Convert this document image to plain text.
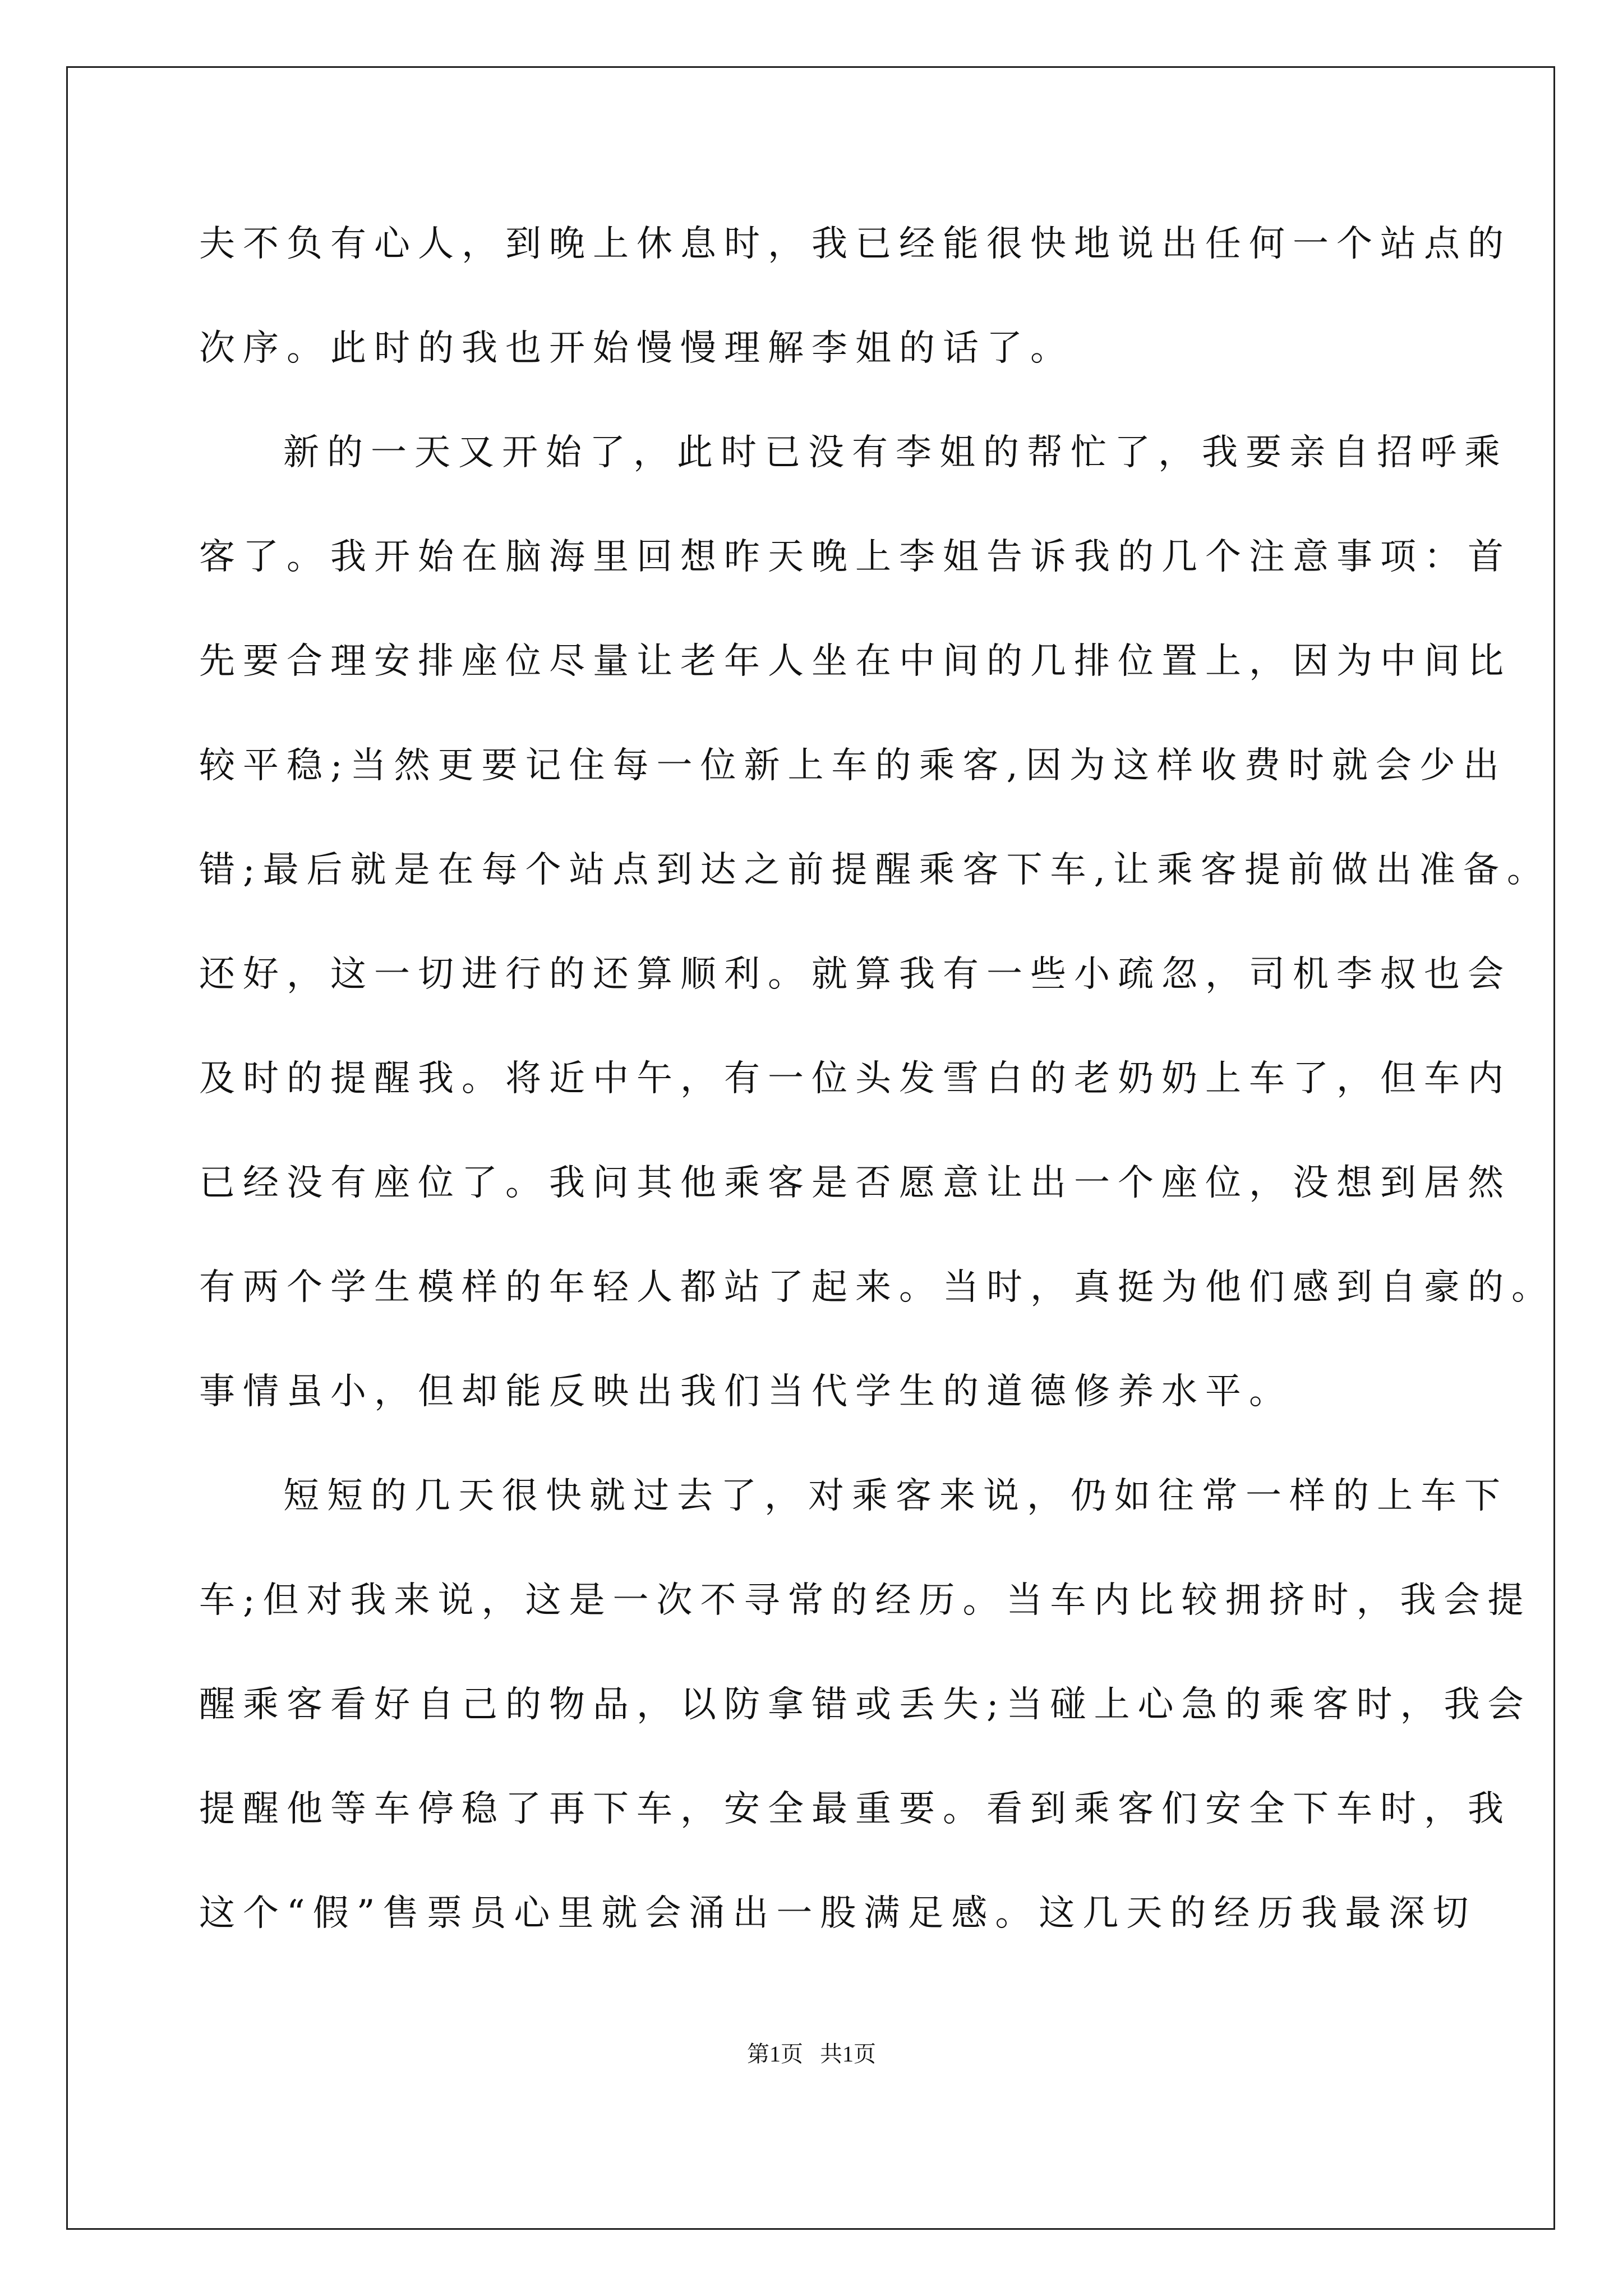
夫不负有心人，到晚上休息时，我已经能很快地说出任何一个站点的
次序。此时的我也开始慢慢理解李姐的话了。
新的一天又开始了，此时已没有李姐的帮忙了，我要亲自招呼乘
客了。我开始在脑海里回想昨天晚上李姐告诉我的几个注意事项：首
先要合理安排座位尽量让老年人坐在中间的几排位置上，因为中间比
较平稳;当然更要记住每一位新上车的乘客,因为这样收费时就会少出
错;最后就是在每个站点到达之前提醒乘客下车,让乘客提前做出准备。
还好，这一切进行的还算顺利。就算我有一些小疏忽，司机李叔也会
及时的提醒我。将近中午，有一位头发雪白的老奶奶上车了，但车内
已经没有座位了。我问其他乘客是否愿意让出一个座位，没想到居然
有两个学生模样的年轻人都站了起来。当时，真挺为他们感到自豪的。
事情虽小，但却能反映出我们当代学生的道德修养水平。
短短的几天很快就过去了，对乘客来说，仍如往常一样的上车下
车;但对我来说，这是一次不寻常的经历。当车内比较拥挤时，我会提
醒乘客看好自己的物品，以防拿错或丢失;当碰上心急的乘客时，我会
提醒他等车停稳了再下车，安全最重要。看到乘客们安全下车时，我
这个“假”售票员心里就会涌出一股满足感。这几天的经历我最深切
第1页   共1页
